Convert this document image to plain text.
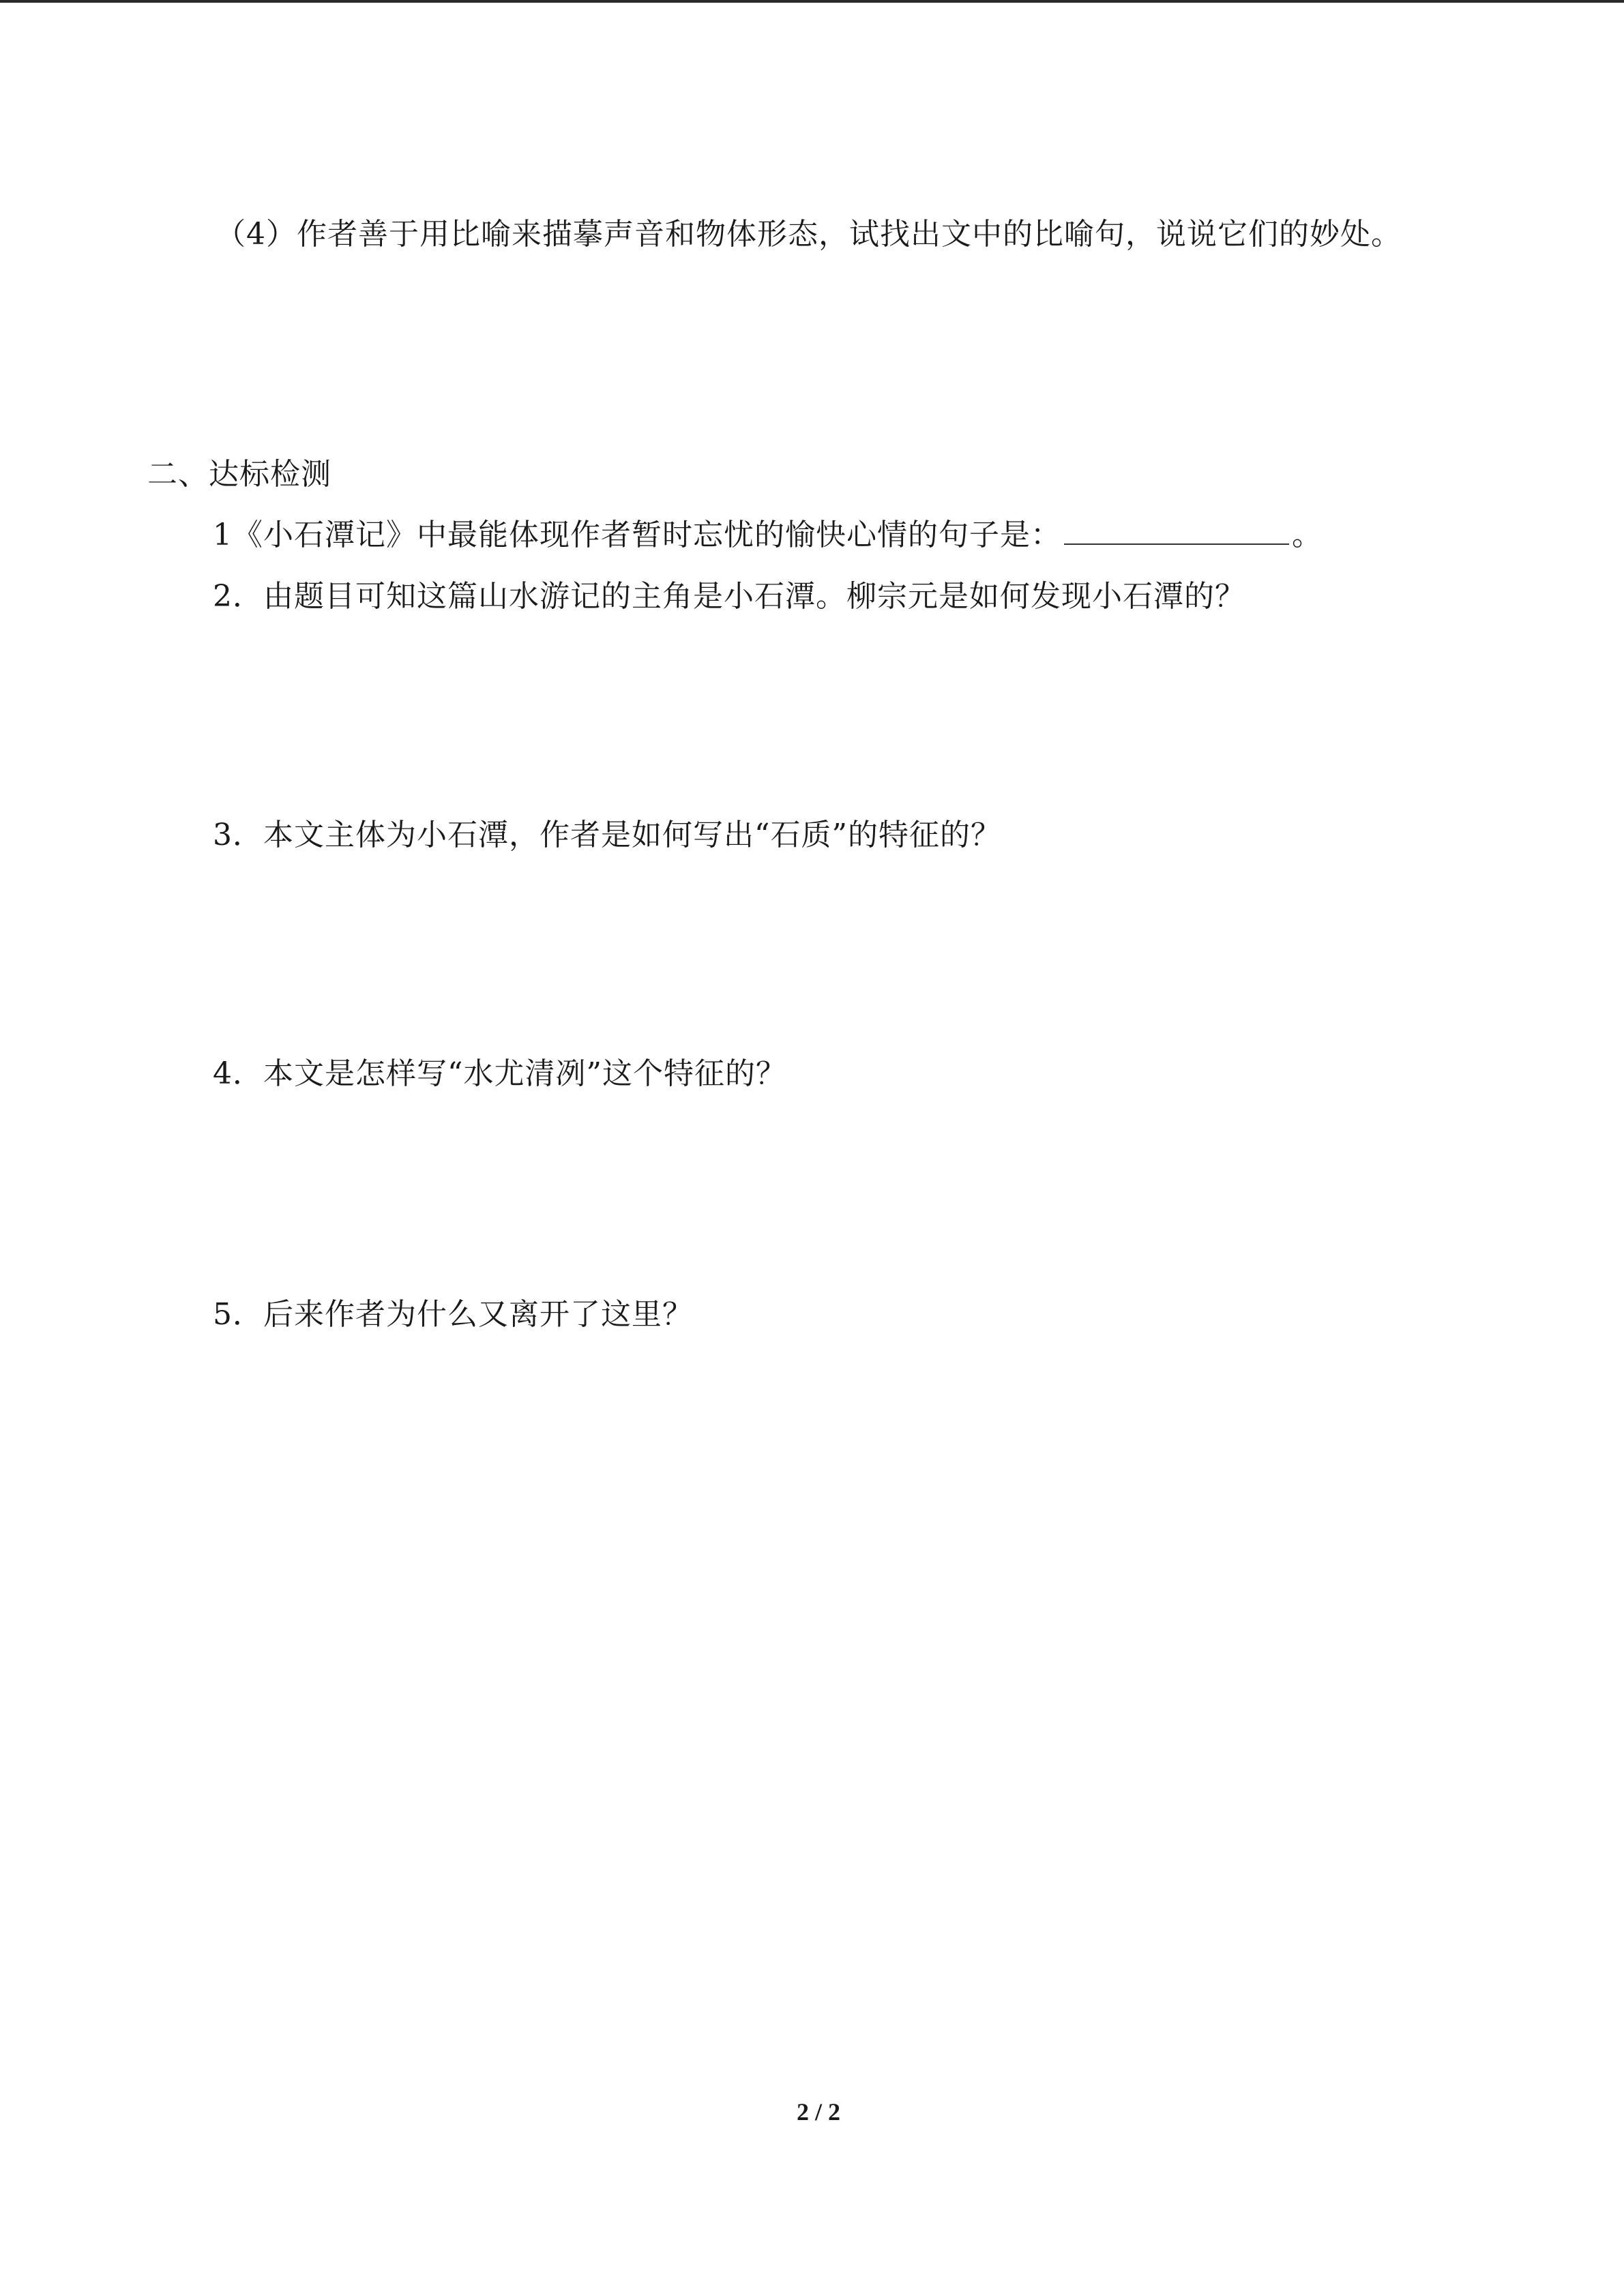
（4）作者善于用比喻来描摹声音和物体形态，试找出文中的比喻句，说说它们的妙处。
二、达标检测
1《小石潭记》中最能体现作者暂时忘忧的愉快心情的句子是：	。
2．由题目可知这篇山水游记的主角是小石潭。柳宗元是如何发现小石潭的？
3．本文主体为小石潭，作者是如何写出“石质”的特征的？
4．本文是怎样写“水尤清冽”这个特征的？
5．后来作者为什么又离开了这里？
2 / 2
